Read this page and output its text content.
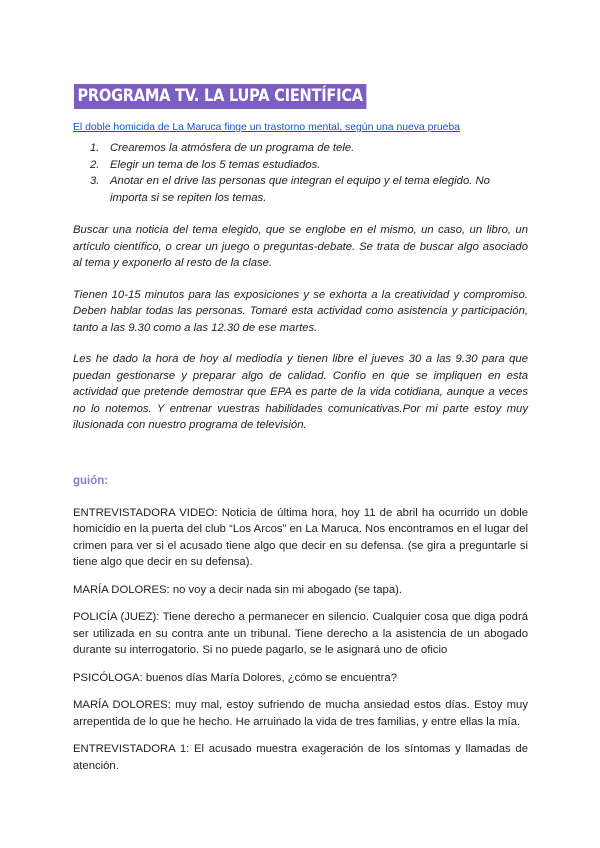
PROGRAMA TV. LA LUPA CIENTÍFICA
El doble homicida de La Maruca finge un trastorno mental, según una nueva prueba
1. Crearemos la atmósfera de un programa de tele.
2. Elegir un tema de los 5 temas estudiados.
3. Anotar en el drive las personas que integran el equipo y el tema elegido. No importa si se repiten los temas.

Buscar una noticia del tema elegido, que se englobe en el mismo, un caso, un libro, un artículo científico, o crear un juego o preguntas-debate. Se trata de buscar algo asociado al tema y exponerlo al resto de la clase.

Tienen 10-15 minutos para las exposiciones y se exhorta a la creatividad y compromiso. Deben hablar todas las personas. Tomaré esta actividad como asistencia y participación, tanto a las 9.30 como a las 12.30 de ese martes.

Les he dado la hora de hoy al mediodía y tienen libre el jueves 30 a las 9.30 para que puedan gestionarse y preparar algo de calidad. Confío en que se impliquen en esta actividad que pretende demostrar que EPA es parte de la vida cotidiana, aunque a veces no lo notemos. Y entrenar vuestras habilidades comunicativas.Por mi parte estoy muy ilusionada con nuestro programa de televisión.

guión:

ENTREVISTADORA VIDEO: Noticia de última hora, hoy 11 de abril ha ocurrido un doble homicidio en la puerta del club “Los Arcos” en La Maruca. Nos encontramos en el lugar del crimen para ver si el acusado tiene algo que decir en su defensa. (se gira a preguntarle si tiene algo que decir en su defensa).

MARÍA DOLORES: no voy a decir nada sin mi abogado (se tapa).

POLICÍA (JUEZ): Tiene derecho a permanecer en silencio. Cualquier cosa que diga podrá ser utilizada en su contra ante un tribunal. Tiene derecho a la asistencia de un abogado durante su interrogatorio. Si no puede pagarlo, se le asignará uno de oficio

PSICÓLOGA: buenos días María Dolores, ¿cómo se encuentra?

MARÍA DOLORES: muy mal, estoy sufriendo de mucha ansiedad estos días. Estoy muy arrepentida de lo que he hecho. He arruinado la vida de tres familias, y entre ellas la mía.

ENTREVISTADORA 1: El acusado muestra exageración de los síntomas y llamadas de atención.
